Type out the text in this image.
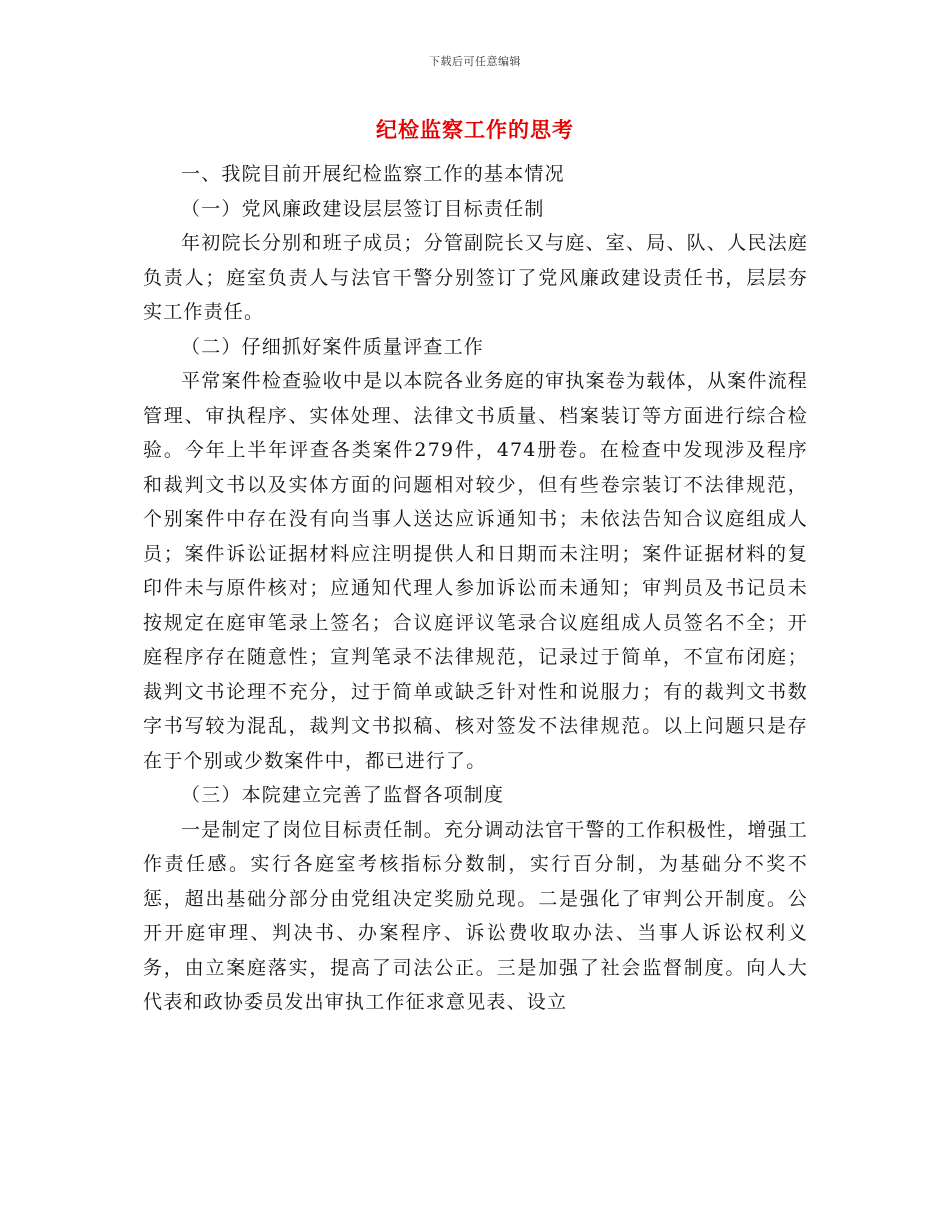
下载后可任意编辑
纪检监察工作的思考

一、我院目前开展纪检监察工作的基本情况

（一）党风廉政建设层层签订目标责任制

年初院长分别和班子成员；分管副院长又与庭、室、局、队、人民法庭负责人；庭室负责人与法官干警分别签订了党风廉政建设责任书，层层夯实工作责任。

（二）仔细抓好案件质量评查工作

平常案件检查验收中是以本院各业务庭的审执案卷为载体，从案件流程管理、审执程序、实体处理、法律文书质量、档案装订等方面进行综合检验。今年上半年评查各类案件279件，474册卷。在检查中发现涉及程序和裁判文书以及实体方面的问题相对较少，但有些卷宗装订不法律规范，个别案件中存在没有向当事人送达应诉通知书；未依法告知合议庭组成人员；案件诉讼证据材料应注明提供人和日期而未注明；案件证据材料的复印件未与原件核对；应通知代理人参加诉讼而未通知；审判员及书记员未按规定在庭审笔录上签名；合议庭评议笔录合议庭组成人员签名不全；开庭程序存在随意性；宣判笔录不法律规范，记录过于简单，不宣布闭庭；裁判文书论理不充分，过于简单或缺乏针对性和说服力；有的裁判文书数字书写较为混乱，裁判文书拟稿、核对签发不法律规范。以上问题只是存在于个别或少数案件中，都已进行了。

（三）本院建立完善了监督各项制度

一是制定了岗位目标责任制。充分调动法官干警的工作积极性，增强工作责任感。实行各庭室考核指标分数制，实行百分制，为基础分不奖不惩，超出基础分部分由党组决定奖励兑现。二是强化了审判公开制度。公开开庭审理、判决书、办案程序、诉讼费收取办法、当事人诉讼权利义务，由立案庭落实，提高了司法公正。三是加强了社会监督制度。向人大代表和政协委员发出审执工作征求意见表、设立
